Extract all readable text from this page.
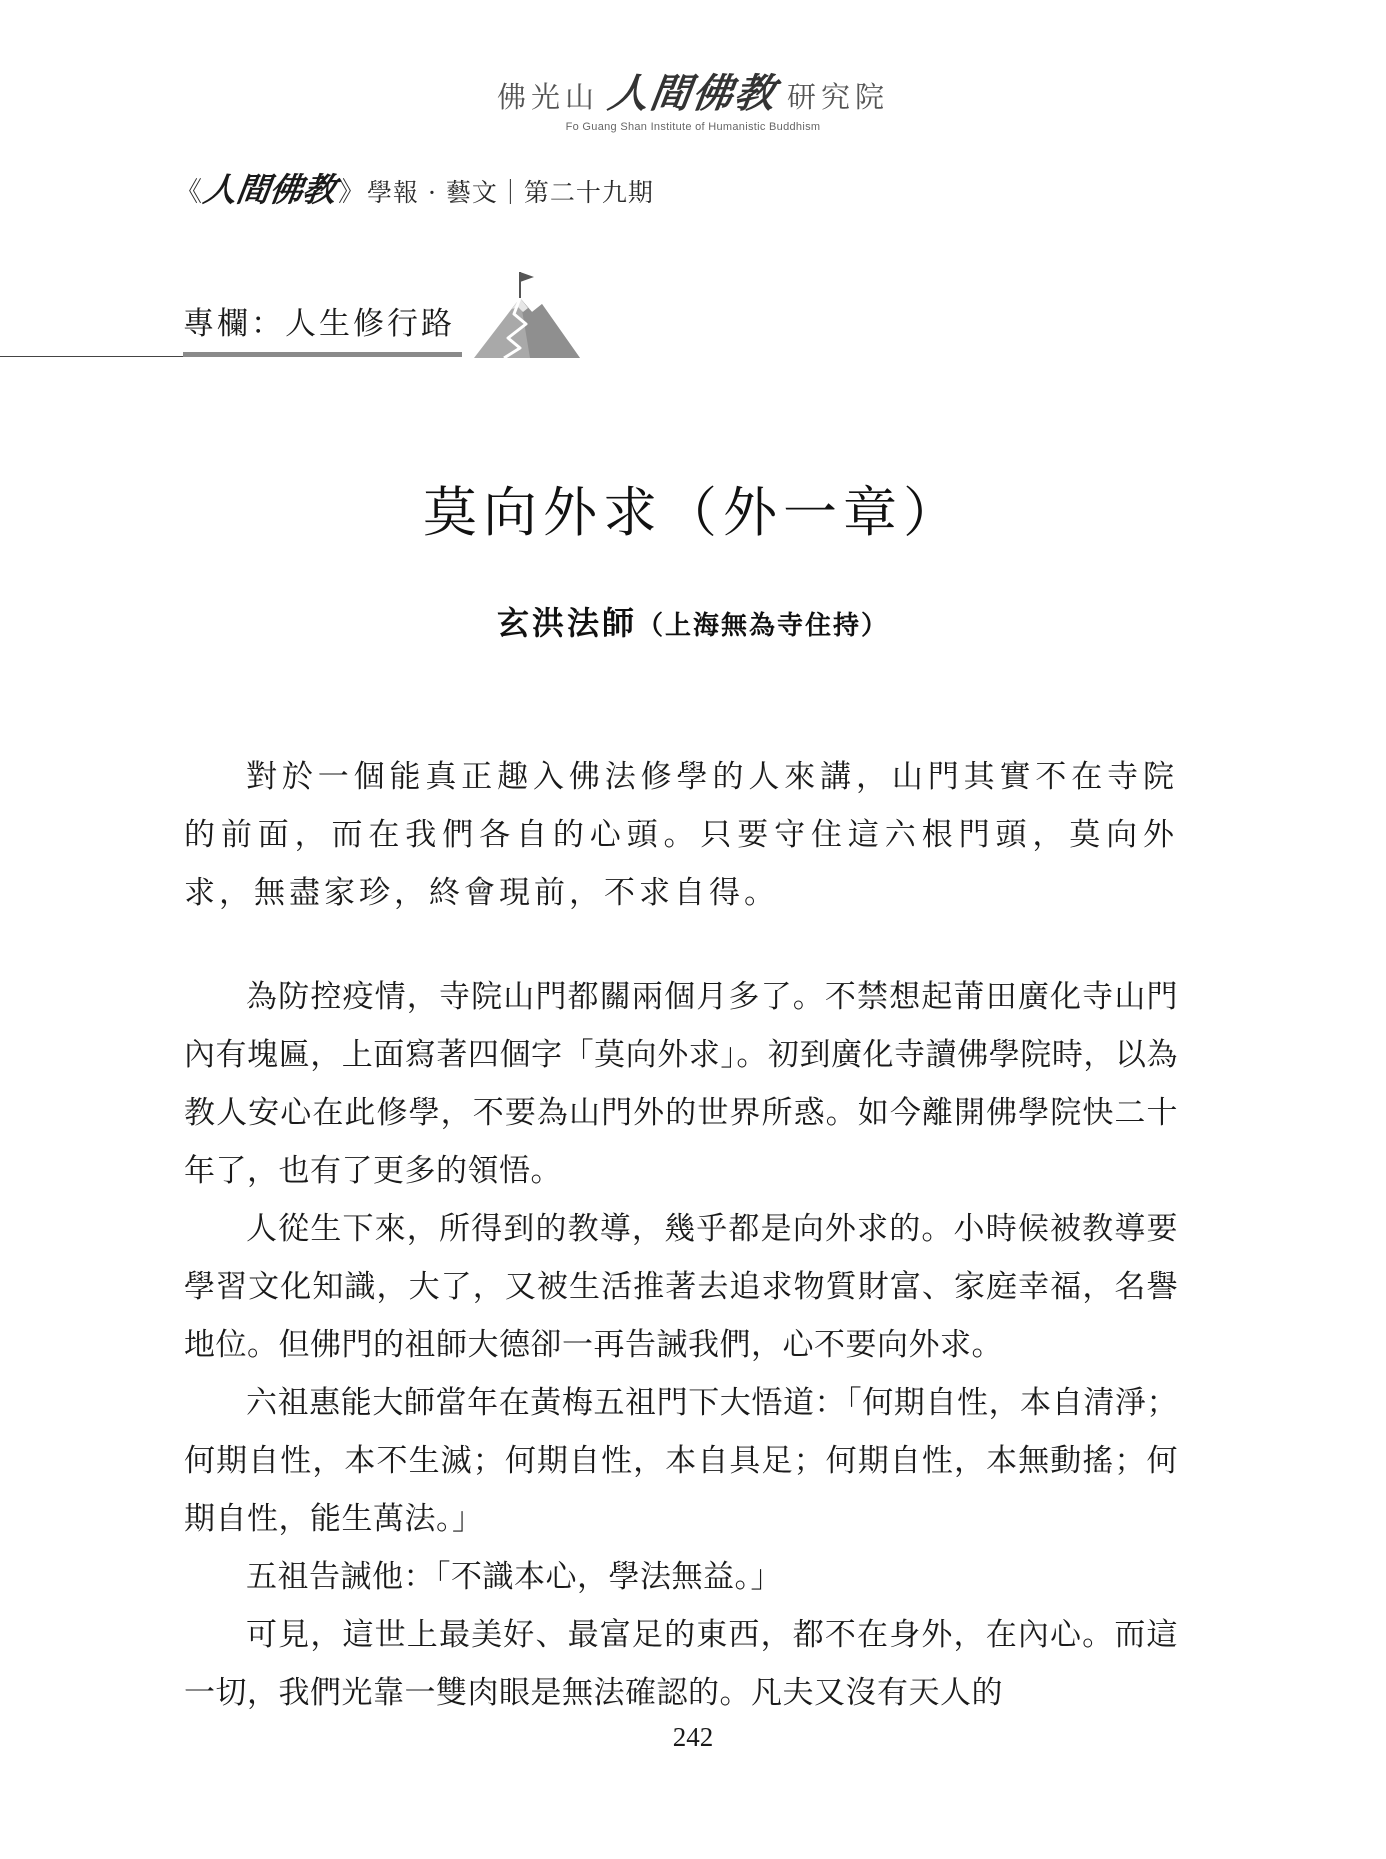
佛光山 人間佛教 研究院
Fo Guang Shan Institute of Humanistic Buddhism
《
人間佛教 》 學報 · 藝文｜第二十九期
專欄：人生修行路
莫向外求（外一章）
玄洪法師（上海無為寺住持）

對於一個能真正趣入佛法修學的人來講，山門其實不在寺院的前面，而在我們各自的心頭。只要守住這六根門頭，莫向外求，無盡家珍，終會現前，不求自得。

為防控疫情，寺院山門都關兩個月多了。不禁想起莆田廣化寺山門內有塊匾，上面寫著四個字「莫向外求」。初到廣化寺讀佛學院時，以為教人安心在此修學，不要為山門外的世界所惑。如今離開佛學院快二十年了，也有了更多的領悟。

人從生下來，所得到的教導，幾乎都是向外求的。小時候被教導要學習文化知識，大了，又被生活推著去追求物質財富、家庭幸福，名譽地位。但佛門的祖師大德卻一再告誡我們，心不要向外求。

六祖惠能大師當年在黃梅五祖門下大悟道：「何期自性，本自清淨；何期自性，本不生滅；何期自性，本自具足；何期自性，本無動搖；何期自性，能生萬法。」

五祖告誡他：「不識本心，學法無益。」

可見，這世上最美好、最富足的東西，都不在身外，在內心。而這一切，我們光靠一雙肉眼是無法確認的。凡夫又沒有天人的

242
